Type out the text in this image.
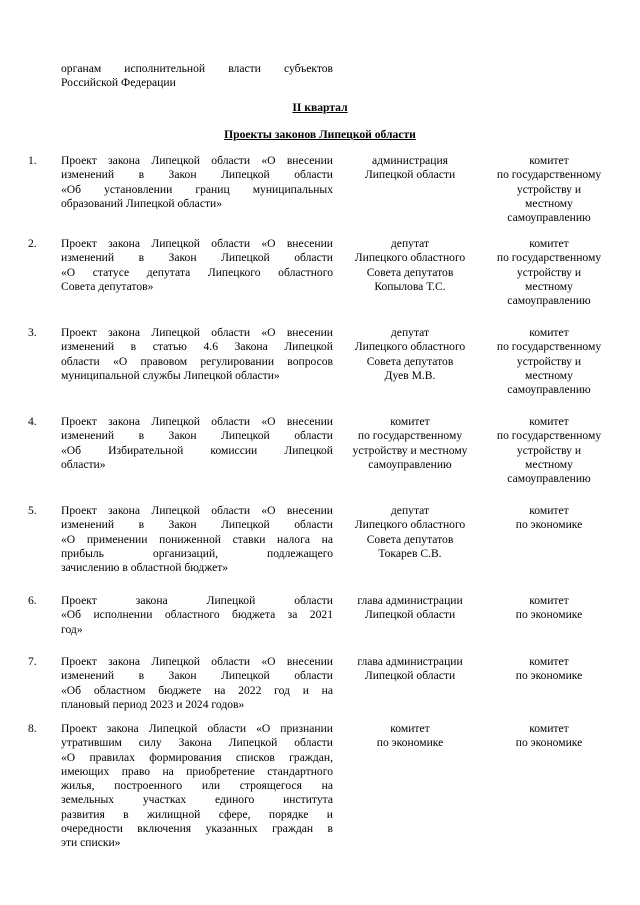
органам исполнительной власти субъектов
Российской Федерации
II квартал
Проекты законов Липецкой области
1. Проект закона Липецкой области «О внесении
изменений в Закон Липецкой области
«Об установлении границ муниципальных
образований Липецкой области»
администрация
Липецкой области
комитет
по государственному
устройству и
местному
самоуправлению
2. Проект закона Липецкой области «О внесении
изменений в Закон Липецкой области
«О статусе депутата Липецкого областного
Совета депутатов»
депутат
Липецкого областного
Совета депутатов
Копылова Т.С.
комитет
по государственному
устройству и
местному
самоуправлению
3. Проект закона Липецкой области «О внесении
изменений в статью 4.6 Закона Липецкой
области «О правовом регулировании вопросов
муниципальной службы Липецкой области»
депутат
Липецкого областного
Совета депутатов
Дуев М.В.
комитет
по государственному
устройству и
местному
самоуправлению
4. Проект закона Липецкой области «О внесении
изменений в Закон Липецкой области
«Об Избирательной комиссии Липецкой
области»
комитет
по государственному
устройству и местному
самоуправлению
комитет
по государственному
устройству и
местному
самоуправлению
5. Проект закона Липецкой области «О внесении
изменений в Закон Липецкой области
«О применении пониженной ставки налога на
прибыль организаций, подлежащего
зачислению в областной бюджет»
депутат
Липецкого областного
Совета депутатов
Токарев С.В.
комитет
по экономике
6. Проект закона Липецкой области
«Об исполнении областного бюджета за 2021
год»
глава администрации
Липецкой области
комитет
по экономике
7. Проект закона Липецкой области «О внесении
изменений в Закон Липецкой области
«Об областном бюджете на 2022 год и на
плановый период 2023 и 2024 годов»
глава администрации
Липецкой области
комитет
по экономике
8. Проект закона Липецкой области «О признании
утратившим силу Закона Липецкой области
«О правилах формирования списков граждан,
имеющих право на приобретение стандартного
жилья, построенного или строящегося на
земельных участках единого института
развития в жилищной сфере, порядке и
очередности включения указанных граждан в
эти списки»
комитет
по экономике
комитет
по экономике
